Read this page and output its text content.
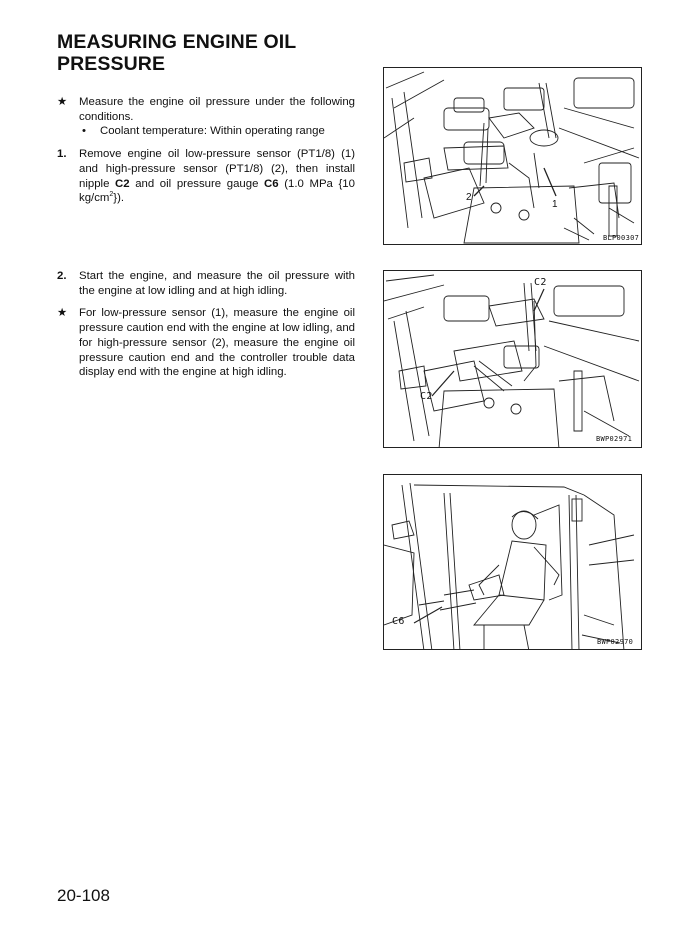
MEASURING ENGINE OIL PRESSURE
★ Measure the engine oil pressure under the following conditions.
• Coolant temperature: Within operating range
1. Remove engine oil low-pressure sensor (PT1/8) (1) and high-pressure sensor (PT1/8) (2), then install nipple C2 and oil pressure gauge C6 (1.0 MPa {10 $kg/cm^2$}).
2. Start the engine, and measure the oil pressure with the engine at low idling and at high idling.
★ For low-pressure sensor (1), measure the engine oil pressure caution end with the engine at low idling, and for high-pressure sensor (2), measure the engine oil pressure caution end and the controller trouble data display end with the engine at high idling.
2
1
BLP00307
C2
C2
BWP02971
C6
BWP02970
20-108
